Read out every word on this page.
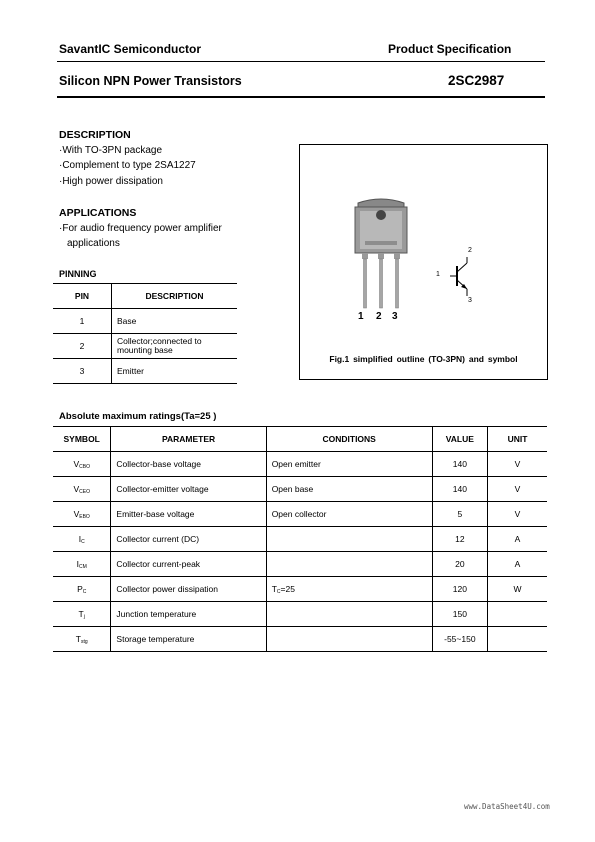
SavantIC Semiconductor	Product Specification
Silicon NPN Power Transistors	2SC2987
DESCRIPTION
·With TO-3PN package
·Complement to type 2SA1227
·High power dissipation
APPLICATIONS
·For audio frequency power amplifier
applications
PINNING
PIN	DESCRIPTION
1	Base
2	Collector;connected to mounting base
3	Emitter
1 2 3
1
2
3
Fig.1 simplified outline (TO-3PN) and symbol
Absolute maximum ratings(Ta=25 )
SYMBOL	PARAMETER	CONDITIONS	VALUE	UNIT
$V_{CBO}$	Collector-base voltage	Open emitter	140	V
$V_{CEO}$	Collector-emitter voltage	Open base	140	V
$V_{EBO}$	Emitter-base voltage	Open collector	5	V
$I_C$	Collector current (DC)		12	A
$I_{CM}$	Collector current-peak		20	A
$P_C$	Collector power dissipation	$T_C=25$	120	W
$T_j$	Junction temperature		150	
$T_{stg}$	Storage temperature		-55~150	
www.DataSheet4U.com
